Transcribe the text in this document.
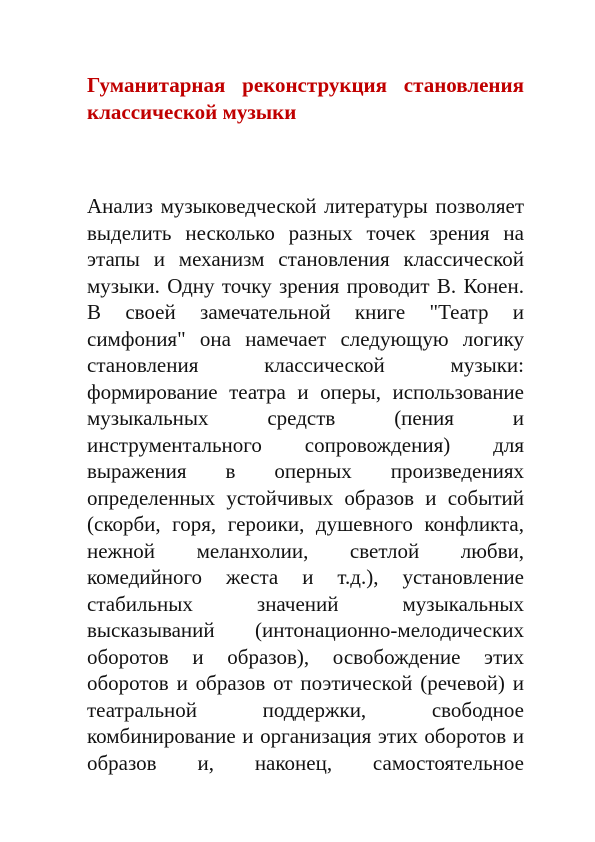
Гуманитарная реконструкция становления классической музыки

Анализ музыковедческой литературы позволяет выделить несколько разных точек зрения на этапы и механизм становления классической музыки. Одну точку зрения проводит В. Конен. В своей замечательной книге "Театр и симфония" она намечает следующую логику становления классической музыки: формирование театра и оперы, использование музыкальных средств (пения и инструментального сопровождения) для выражения в оперных произведениях определенных устойчивых образов и событий (скорби, горя, героики, душевного конфликта, нежной меланхолии, светлой любви, комедийного жеста и т.д.), установление стабильных значений музыкальных высказываний (интонационно-мелодических оборотов и образов), освобождение этих оборотов и образов от поэтической (речевой) и театральной поддержки, свободное комбинирование и организация этих оборотов и образов и, наконец, самостоятельное
